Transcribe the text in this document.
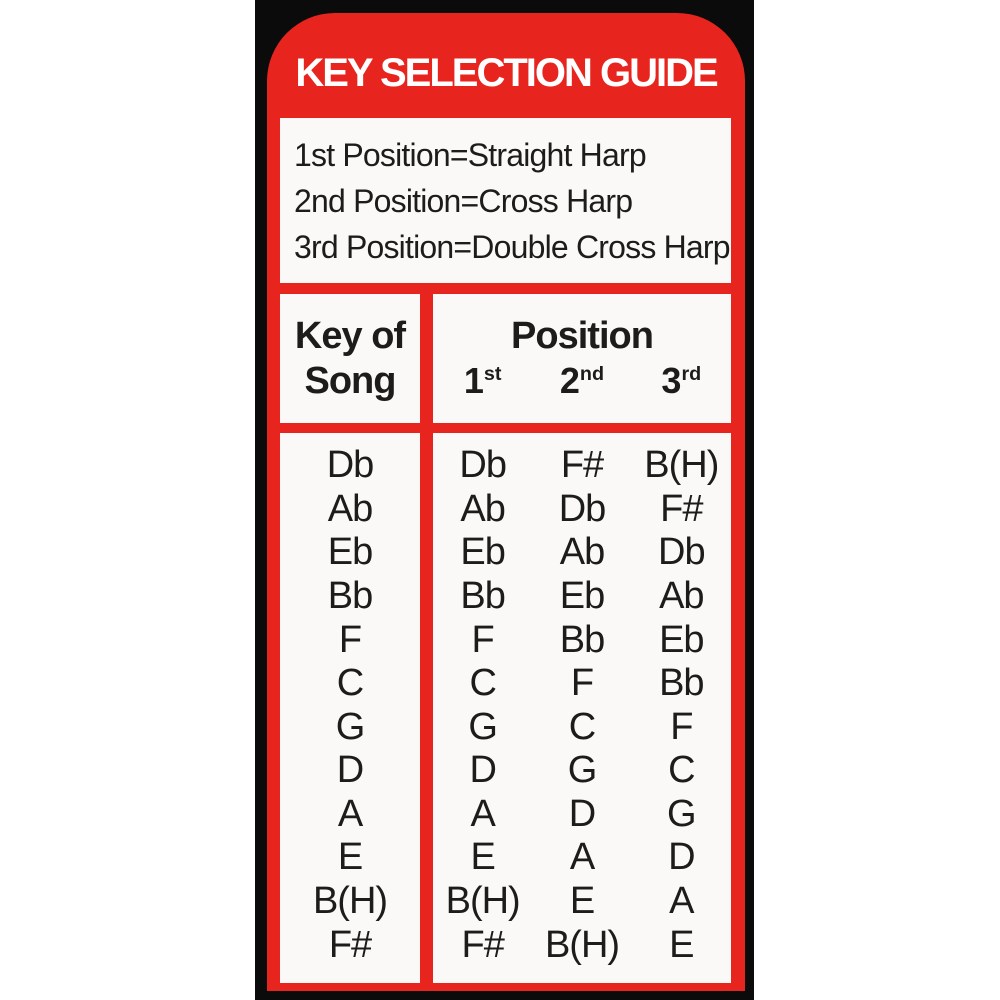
KEY SELECTION GUIDE
1st Position=Straight Harp
2nd Position=Cross Harp
3rd Position=Double Cross Harp
Key of
Song
Position
1st	2nd	3rd
Db
Ab
Eb
Bb
F
C
G
D
A
E
B(H)
F#
Db
Ab
Eb
Bb
F
C
G
D
A
E
B(H)
F#
F#
Db
Ab
Eb
Bb
F
C
G
D
A
E
B(H)
B(H)
F#
Db
Ab
Eb
Bb
F
C
G
D
A
E
